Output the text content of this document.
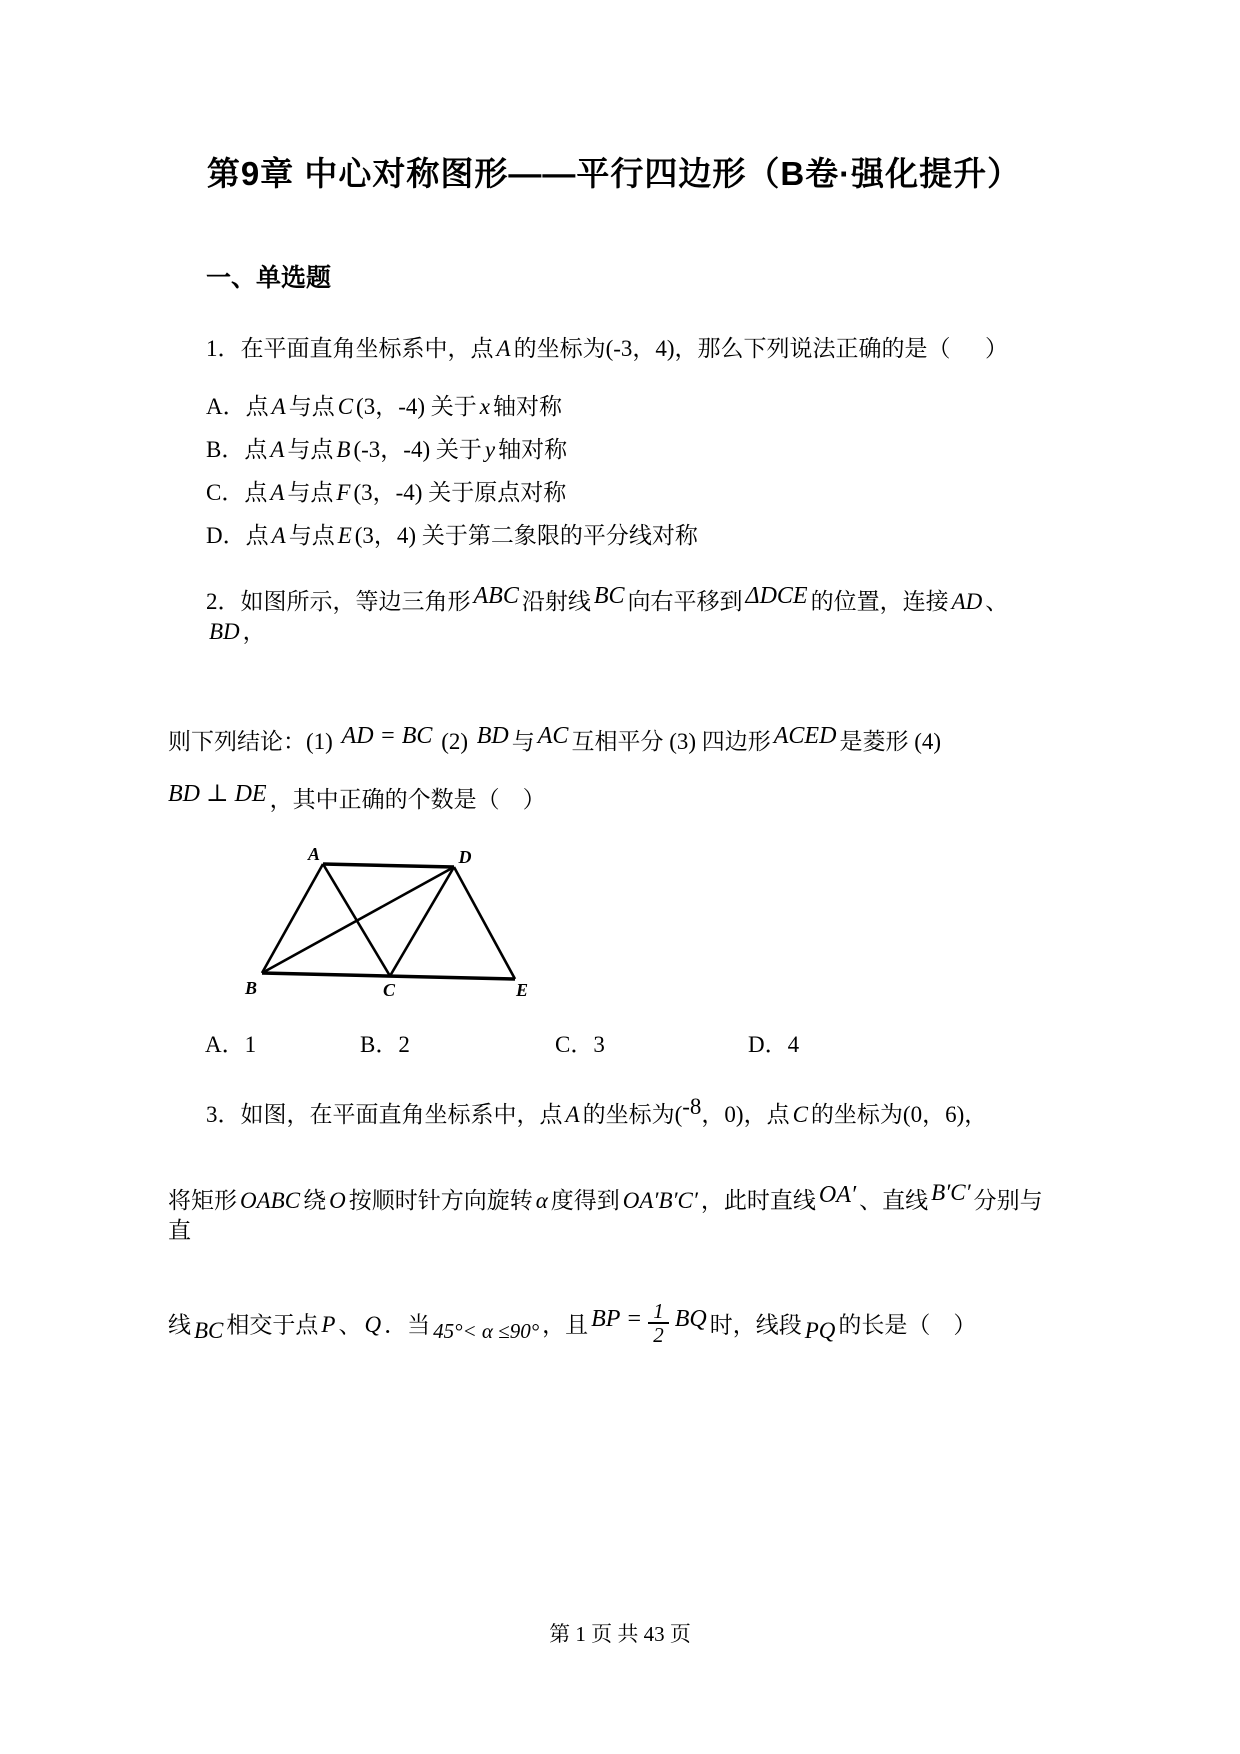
第9章 中心对称图形——平行四边形（B卷·强化提升）
一、单选题

1．在平面直角坐标系中，点 A 的坐标为(-3，4)，那么下列说法正确的是（      ）

A．点 A 与点 C (3，-4) 关于 x 轴对称

B．点 A 与点 B (-3，-4) 关于 y 轴对称

C．点 A 与点 F (3，-4) 关于原点对称

D．点 A 与点 E (3，4) 关于第二象限的平分线对称

2．如图所示，等边三角形 ABC 沿射线 BC 向右平移到 ΔDCE 的位置，连接 AD 、BD ，

则下列结论：(1) AD = BC (2) BD 与 AC 互相平分 (3) 四边形 ACED 是菱形 (4)

BD ⊥ DE ，其中正确的个数是（    ）

A	D
B	C	E
A．1	B．2	C．3	D．4

3．如图，在平面直角坐标系中，点 A 的坐标为(-8，0)，点 C 的坐标为(0，6)，

将矩形 OABC 绕 O 按顺时针方向旋转 α 度得到 OA′B′C′ ，此时直线 OA′ 、直线 B′C′ 分别与直

线 BC 相交于点 P 、 Q ．当 45°< α ≤90° ，且 BP = $\frac{1}{2}$ BQ 时，线段 PQ 的长是（    ）

第 1 页 共 43 页
